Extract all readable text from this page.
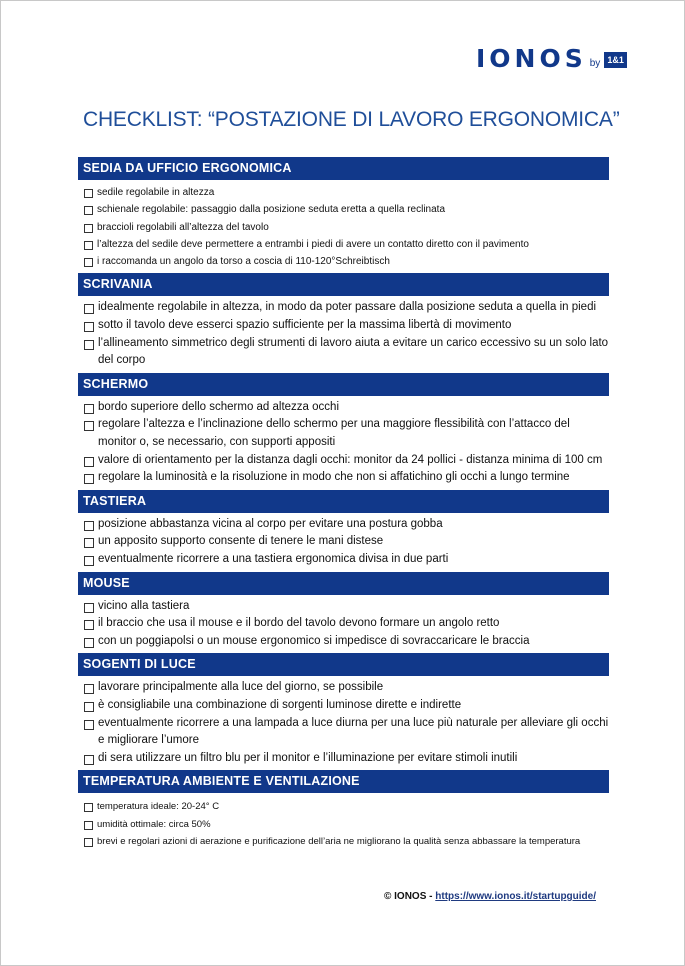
IONOS by 1&1
CHECKLIST: “POSTAZIONE DI LAVORO ERGONOMICA”
SEDIA DA UFFICIO ERGONOMICA
sedile regolabile in altezza
schienale regolabile: passaggio dalla posizione seduta eretta a quella reclinata
braccioli regolabili all’altezza del tavolo
l’altezza del sedile deve permettere a entrambi i piedi di avere un contatto diretto con il pavimento
i raccomanda un angolo da torso a coscia di 110-120°Schreibtisch
SCRIVANIA
idealmente regolabile in altezza, in modo da poter passare dalla posizione seduta a quella in piedi
sotto il tavolo deve esserci spazio sufficiente per la massima libertà di movimento
l’allineamento simmetrico degli strumenti di lavoro aiuta a evitare un carico eccessivo su un solo lato del corpo
SCHERMO
bordo superiore dello schermo ad altezza occhi
regolare l’altezza e l’inclinazione dello schermo per una maggiore flessibilità con l’attacco del monitor o, se necessario, con supporti appositi
valore di orientamento per la distanza dagli occhi: monitor da 24 pollici - distanza minima di 100 cm
regolare la luminosità e la risoluzione in modo che non si affatichino gli occhi a lungo termine
TASTIERA
posizione abbastanza vicina al corpo per evitare una postura gobba
un apposito supporto consente di tenere le mani distese
eventualmente ricorrere a una tastiera ergonomica divisa in due parti
MOUSE
vicino alla tastiera
il braccio che usa il mouse e il bordo del tavolo devono formare un angolo retto
con un poggiapolsi o un mouse ergonomico si impedisce di sovraccaricare le braccia
SOGENTI DI LUCE
lavorare principalmente alla luce del giorno, se possibile
è consigliabile una combinazione di sorgenti luminose dirette e indirette
eventualmente ricorrere a una lampada a luce diurna per una luce più naturale per alleviare gli occhi e migliorare l’umore
di sera utilizzare un filtro blu per il monitor e l’illuminazione per evitare stimoli inutili
TEMPERATURA AMBIENTE E VENTILAZIONE
temperatura ideale: 20-24° C
umidità ottimale: circa 50%
brevi e regolari azioni di aerazione e purificazione dell’aria ne migliorano la qualità senza abbassare la temperatura
© IONOS - https://www.ionos.it/startupguide/
